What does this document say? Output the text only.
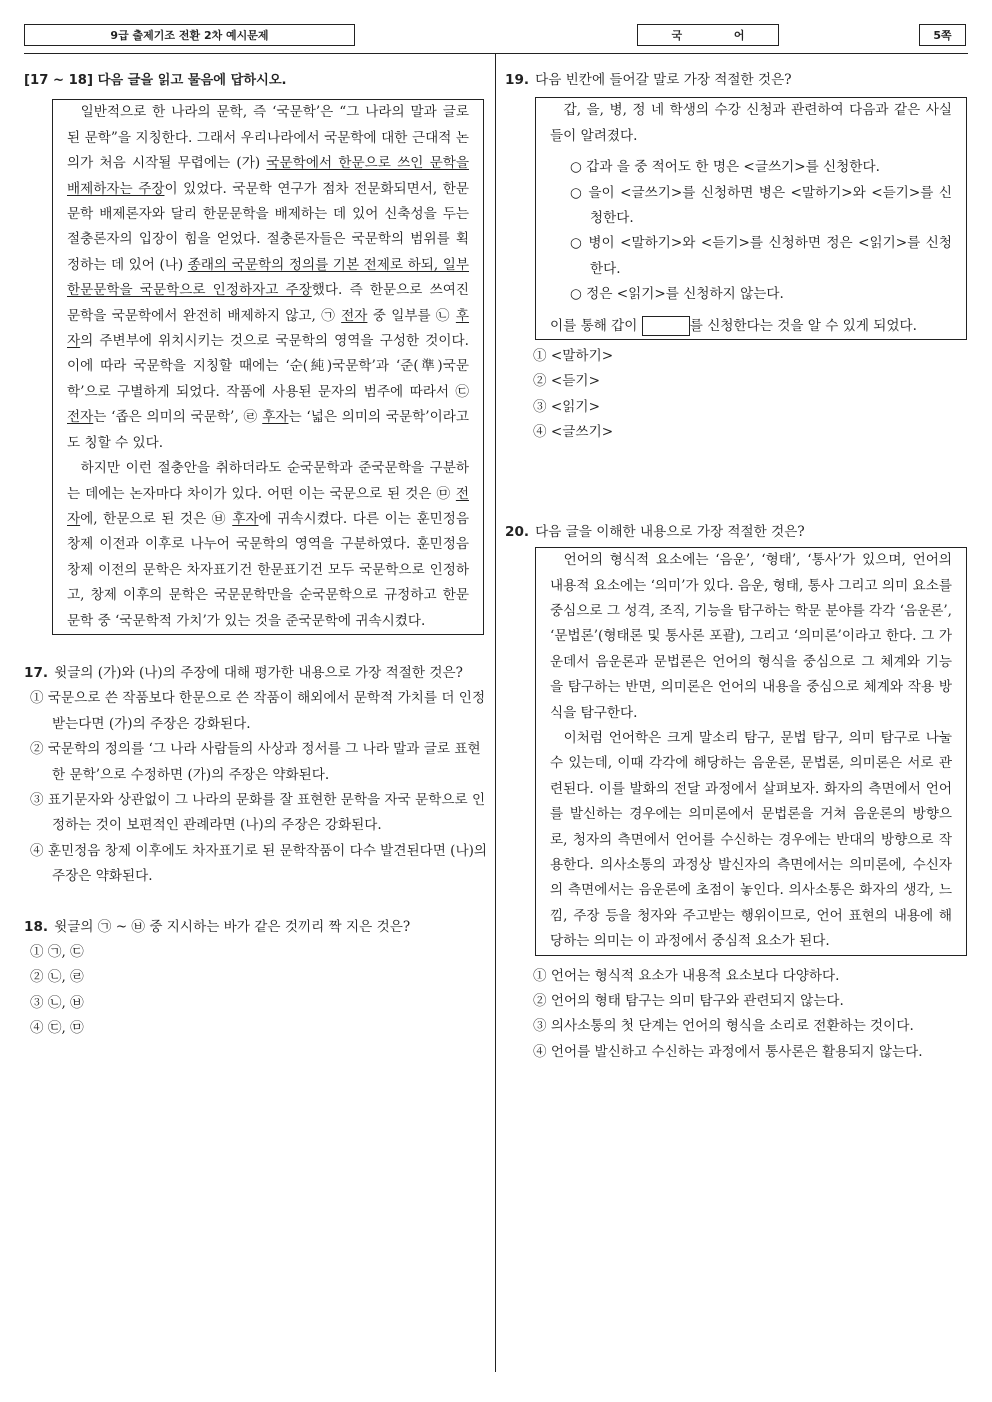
9급 출제기조 전환 2차 예시문제	국 어	5쪽
[17 ~ 18] 다음 글을 읽고 물음에 답하시오.

일반적으로 한 나라의 문학, 즉 ‘국문학’은 “그 나라의 말과 글로 된 문학”을 지칭한다. 그래서 우리나라에서 국문학에 대한 근대적 논의가 처음 시작될 무렵에는 (가) 국문학에서 한문으로 쓰인 문학을 배제하자는 주장이 있었다. 국문학 연구가 점차 전문화되면서, 한문문학 배제론자와 달리 한문문학을 배제하는 데 있어 신축성을 두는 절충론자의 입장이 힘을 얻었다. 절충론자들은 국문학의 범위를 획정하는 데 있어 (나) 종래의 국문학의 정의를 기본 전제로 하되, 일부 한문문학을 국문학으로 인정하자고 주장했다. 즉 한문으로 쓰여진 문학을 국문학에서 완전히 배제하지 않고, ㉠ 전자 중 일부를 ㉡ 후자의 주변부에 위치시키는 것으로 국문학의 영역을 구성한 것이다. 이에 따라 국문학을 지칭할 때에는 ‘순(純)국문학’과 ‘준(準)국문학’으로 구별하게 되었다. 작품에 사용된 문자의 범주에 따라서 ㉢ 전자는 ‘좁은 의미의 국문학’, ㉣ 후자는 ‘넓은 의미의 국문학’이라고도 칭할 수 있다.

하지만 이런 절충안을 취하더라도 순국문학과 준국문학을 구분하는 데에는 논자마다 차이가 있다. 어떤 이는 국문으로 된 것은 ㉤ 전자에, 한문으로 된 것은 ㉥ 후자에 귀속시켰다. 다른 이는 훈민정음 창제 이전과 이후로 나누어 국문학의 영역을 구분하였다. 훈민정음 창제 이전의 문학은 차자표기건 한문표기건 모두 국문학으로 인정하고, 창제 이후의 문학은 국문문학만을 순국문학으로 규정하고 한문문학 중 ‘국문학적 가치’가 있는 것을 준국문학에 귀속시켰다.

17. 윗글의 (가)와 (나)의 주장에 대해 평가한 내용으로 가장 적절한 것은?
① 국문으로 쓴 작품보다 한문으로 쓴 작품이 해외에서 문학적 가치를 더 인정받는다면 (가)의 주장은 강화된다.
② 국문학의 정의를 ‘그 나라 사람들의 사상과 정서를 그 나라 말과 글로 표현한 문학’으로 수정하면 (가)의 주장은 약화된다.
③ 표기문자와 상관없이 그 나라의 문화를 잘 표현한 문학을 자국 문학으로 인정하는 것이 보편적인 관례라면 (나)의 주장은 강화된다.
④ 훈민정음 창제 이후에도 차자표기로 된 문학작품이 다수 발견된다면 (나)의 주장은 약화된다.
18. 윗글의 ㉠ ~ ㉥ 중 지시하는 바가 같은 것끼리 짝 지은 것은?
① ㉠, ㉢
② ㉡, ㉣
③ ㉡, ㉥
④ ㉢, ㉤
19. 다음 빈칸에 들어갈 말로 가장 적절한 것은?

갑, 을, 병, 정 네 학생의 수강 신청과 관련하여 다음과 같은 사실들이 알려졌다.

○ 갑과 을 중 적어도 한 명은 <글쓰기>를 신청한다.
○ 을이 <글쓰기>를 신청하면 병은 <말하기>와 <듣기>를 신청한다.
○ 병이 <말하기>와 <듣기>를 신청하면 정은 <읽기>를 신청한다.
○ 정은 <읽기>를 신청하지 않는다.
이를 통해 갑이	를 신청한다는 것을 알 수 있게 되었다.
① <말하기>
② <듣기>
③ <읽기>
④ <글쓰기>
20. 다음 글을 이해한 내용으로 가장 적절한 것은?

언어의 형식적 요소에는 ‘음운’, ‘형태’, ‘통사’가 있으며, 언어의 내용적 요소에는 ‘의미’가 있다. 음운, 형태, 통사 그리고 의미 요소를 중심으로 그 성격, 조직, 기능을 탐구하는 학문 분야를 각각 ‘음운론’, ‘문법론’(형태론 및 통사론 포괄), 그리고 ‘의미론’이라고 한다. 그 가운데서 음운론과 문법론은 언어의 형식을 중심으로 그 체계와 기능을 탐구하는 반면, 의미론은 언어의 내용을 중심으로 체계와 작용 방식을 탐구한다.

이처럼 언어학은 크게 말소리 탐구, 문법 탐구, 의미 탐구로 나눌 수 있는데, 이때 각각에 해당하는 음운론, 문법론, 의미론은 서로 관련된다. 이를 발화의 전달 과정에서 살펴보자. 화자의 측면에서 언어를 발신하는 경우에는 의미론에서 문법론을 거쳐 음운론의 방향으로, 청자의 측면에서 언어를 수신하는 경우에는 반대의 방향으로 작용한다. 의사소통의 과정상 발신자의 측면에서는 의미론에, 수신자의 측면에서는 음운론에 초점이 놓인다. 의사소통은 화자의 생각, 느낌, 주장 등을 청자와 주고받는 행위이므로, 언어 표현의 내용에 해당하는 의미는 이 과정에서 중심적 요소가 된다.

① 언어는 형식적 요소가 내용적 요소보다 다양하다.
② 언어의 형태 탐구는 의미 탐구와 관련되지 않는다.
③ 의사소통의 첫 단계는 언어의 형식을 소리로 전환하는 것이다.
④ 언어를 발신하고 수신하는 과정에서 통사론은 활용되지 않는다.
